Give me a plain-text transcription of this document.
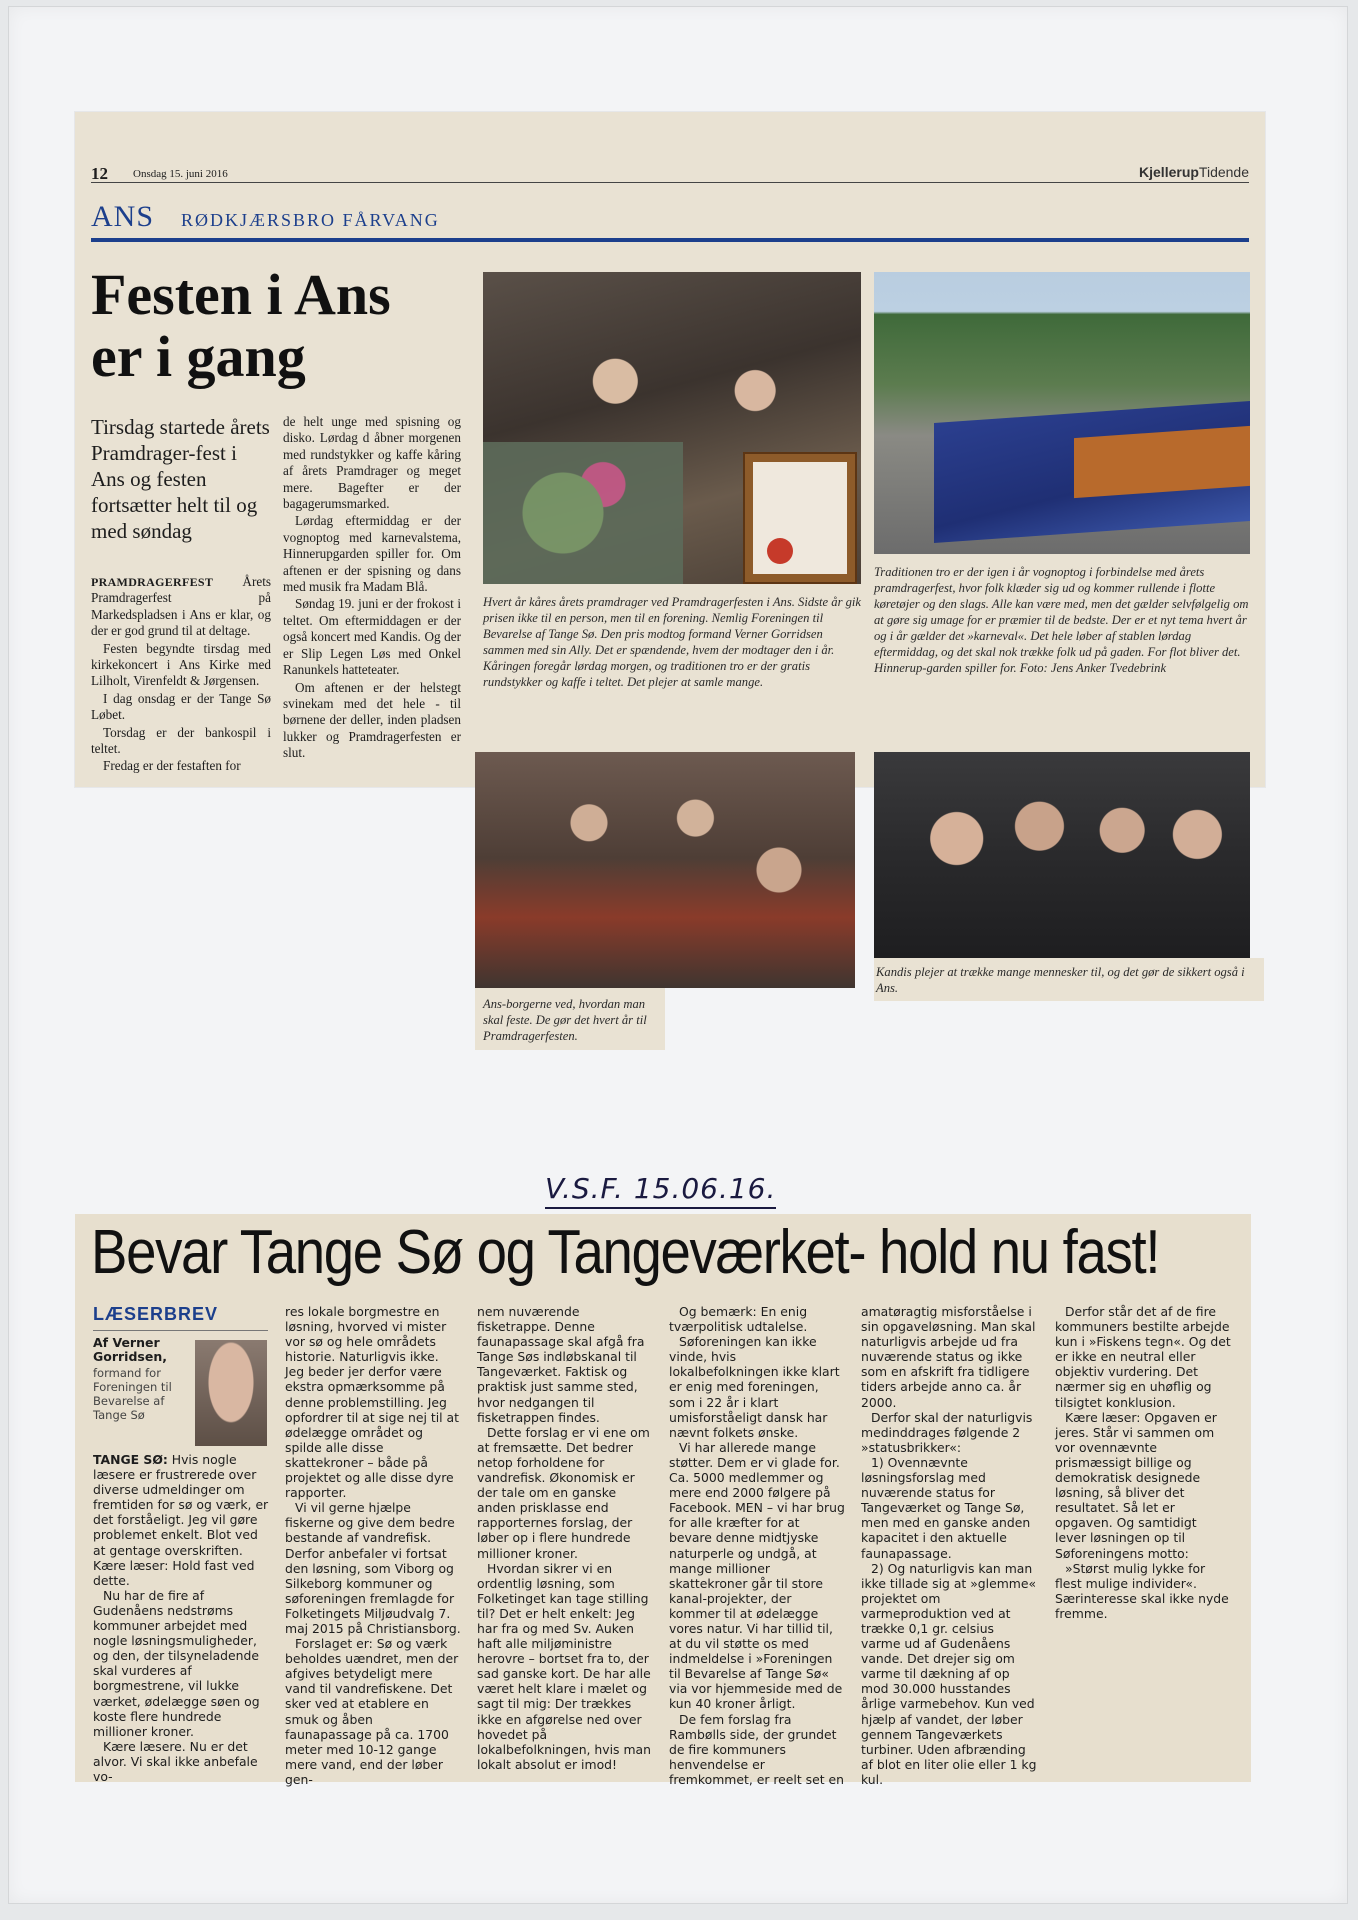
12 Onsdag 15. juni 2016	KjellerupTidende
ANS RØDKJÆRSBRO FÅRVANG
Festen i Ans
er i gang
Tirsdag startede årets Pramdrager-fest i Ans og festen fortsætter helt til og med søndag

PRAMDRAGERFEST Årets Pramdragerfest på Markedspladsen i Ans er klar, og der er god grund til at deltage.

Festen begyndte tirsdag med kirkekoncert i Ans Kirke med Lilholt, Virenfeldt & Jørgensen.

I dag onsdag er der Tange Sø Løbet.

Torsdag er der bankospil i teltet.

Fredag er der festaften for

de helt unge med spisning og disko. Lørdag d åbner morgenen med rundstykker og kaffe kåring af årets Pramdrager og meget mere. Bagefter er der bagagerumsmarked.

Lørdag eftermiddag er der vognoptog med karnevalstema, Hinnerupgarden spiller for. Om aftenen er der spisning og dans med musik fra Madam Blå.

Søndag 19. juni er der frokost i teltet. Om eftermiddagen er der også koncert med Kandis. Og der er Slip Legen Løs med Onkel Ranunkels hatteteater.

Om aftenen er der helstegt svinekam med det hele - til børnene der deller, inden pladsen lukker og Pramdragerfesten er slut.

Hvert år kåres årets pramdrager ved Pramdragerfesten i Ans. Sidste år gik prisen ikke til en person, men til en forening. Nemlig Foreningen til Bevarelse af Tange Sø. Den pris modtog formand Verner Gorridsen sammen med sin Ally. Det er spændende, hvem der modtager den i år. Kåringen foregår lørdag morgen, og traditionen tro er der gratis rundstykker og kaffe i teltet. Det plejer at samle mange.
Traditionen tro er der igen i år vognoptog i forbindelse med årets pramdragerfest, hvor folk klæder sig ud og kommer rullende i flotte køretøjer og den slags. Alle kan være med, men det gælder selvfølgelig om at gøre sig umage for er præmier til de bedste. Der er et nyt tema hvert år og i år gælder det »karneval«. Det hele løber af stablen lørdag eftermiddag, og det skal nok trække folk ud på gaden. For flot bliver det. Hinnerup-garden spiller for. Foto: Jens Anker Tvedebrink
Ans-borgerne ved, hvordan man skal feste. De gør det hvert år til Pramdragerfesten.
Kandis plejer at trække mange mennesker til, og det gør de sikkert også i Ans.
V.S.F. 15.06.16.
Bevar Tange Sø og Tangeværket- hold nu fast!
LÆSERBREV
Af Verner Gorridsen,
formand for Foreningen til Bevarelse af Tange Sø

TANGE SØ: Hvis nogle læsere er frustrerede over diverse udmeldinger om fremtiden for sø og værk, er det forståeligt. Jeg vil gøre problemet enkelt. Blot ved at gentage overskriften. Kære læser: Hold fast ved dette.

Nu har de fire af Gudenåens nedstrøms kommuner arbejdet med nogle løsningsmuligheder, og den, der tilsyneladende skal vurderes af borgmestrene, vil lukke værket, ødelægge søen og koste flere hundrede millioner kroner.

Kære læsere. Nu er det alvor. Vi skal ikke anbefale vo-

res lokale borgmestre en løsning, hvorved vi mister vor sø og hele områdets historie. Naturligvis ikke. Jeg beder jer derfor være ekstra opmærksomme på denne problemstilling. Jeg opfordrer til at sige nej til at ødelægge området og spilde alle disse skattekroner – både på projektet og alle disse dyre rapporter.

Vi vil gerne hjælpe fiskerne og give dem bedre bestande af vandrefisk. Derfor anbefaler vi fortsat den løsning, som Viborg og Silkeborg kommuner og søforeningen fremlagde for Folketingets Miljøudvalg 7. maj 2015 på Christiansborg.

Forslaget er: Sø og værk beholdes uændret, men der afgives betydeligt mere vand til vandrefiskene. Det sker ved at etablere en smuk og åben faunapassage på ca. 1700 meter med 10-12 gange mere vand, end der løber gen-

nem nuværende fisketrappe. Denne faunapassage skal afgå fra Tange Søs indløbskanal til Tangeværket. Faktisk og praktisk just samme sted, hvor nedgangen til fisketrappen findes.

Dette forslag er vi ene om at fremsætte. Det bedrer netop forholdene for vandrefisk. Økonomisk er der tale om en ganske anden prisklasse end rapporternes forslag, der løber op i flere hundrede millioner kroner.

Hvordan sikrer vi en ordentlig løsning, som Folketinget kan tage stilling til? Det er helt enkelt: Jeg har fra og med Sv. Auken haft alle miljøministre herovre – bortset fra to, der sad ganske kort. De har alle været helt klare i mælet og sagt til mig: Der trækkes ikke en afgørelse ned over hovedet på lokalbefolkningen, hvis man lokalt absolut er imod!

Og bemærk: En enig tværpolitisk udtalelse.

Søforeningen kan ikke vinde, hvis lokalbefolkningen ikke klart er enig med foreningen, som i 22 år i klart umisforståeligt dansk har nævnt folkets ønske.

Vi har allerede mange støtter. Dem er vi glade for. Ca. 5000 medlemmer og mere end 2000 følgere på Facebook. MEN – vi har brug for alle kræfter for at bevare denne midtjyske naturperle og undgå, at mange millioner skattekroner går til store kanal-projekter, der kommer til at ødelægge vores natur. Vi har tillid til, at du vil støtte os med indmeldelse i »Foreningen til Bevarelse af Tange Sø« via vor hjemmeside med de kun 40 kroner årligt.

De fem forslag fra Rambølls side, der grundet de fire kommuners henvendelse er fremkommet, er reelt set en

amatøragtig misforståelse i sin opgaveløsning. Man skal naturligvis arbejde ud fra nuværende status og ikke som en afskrift fra tidligere tiders arbejde anno ca. år 2000.

Derfor skal der naturligvis medinddrages følgende 2 »statusbrikker«:

1) Ovennævnte løsningsforslag med nuværende status for Tangeværket og Tange Sø, men med en ganske anden kapacitet i den aktuelle faunapassage.

2) Og naturligvis kan man ikke tillade sig at »glemme« projektet om varmeproduktion ved at trække 0,1 gr. celsius varme ud af Gudenåens vande. Det drejer sig om varme til dækning af op mod 30.000 husstandes årlige varmebehov. Kun ved hjælp af vandet, der løber gennem Tangeværkets turbiner. Uden afbrænding af blot en liter olie eller 1 kg kul.

Derfor står det af de fire kommuners bestilte arbejde kun i »Fiskens tegn«. Og det er ikke en neutral eller objektiv vurdering. Det nærmer sig en uhøflig og tilsigtet konklusion.

Kære læser: Opgaven er jeres. Står vi sammen om vor ovennævnte prismæssigt billige og demokratisk designede løsning, så bliver det resultatet. Så let er opgaven. Og samtidigt lever løsningen op til Søforeningens motto:

»Størst mulig lykke for flest mulige individer«. Særinteresse skal ikke nyde fremme.
